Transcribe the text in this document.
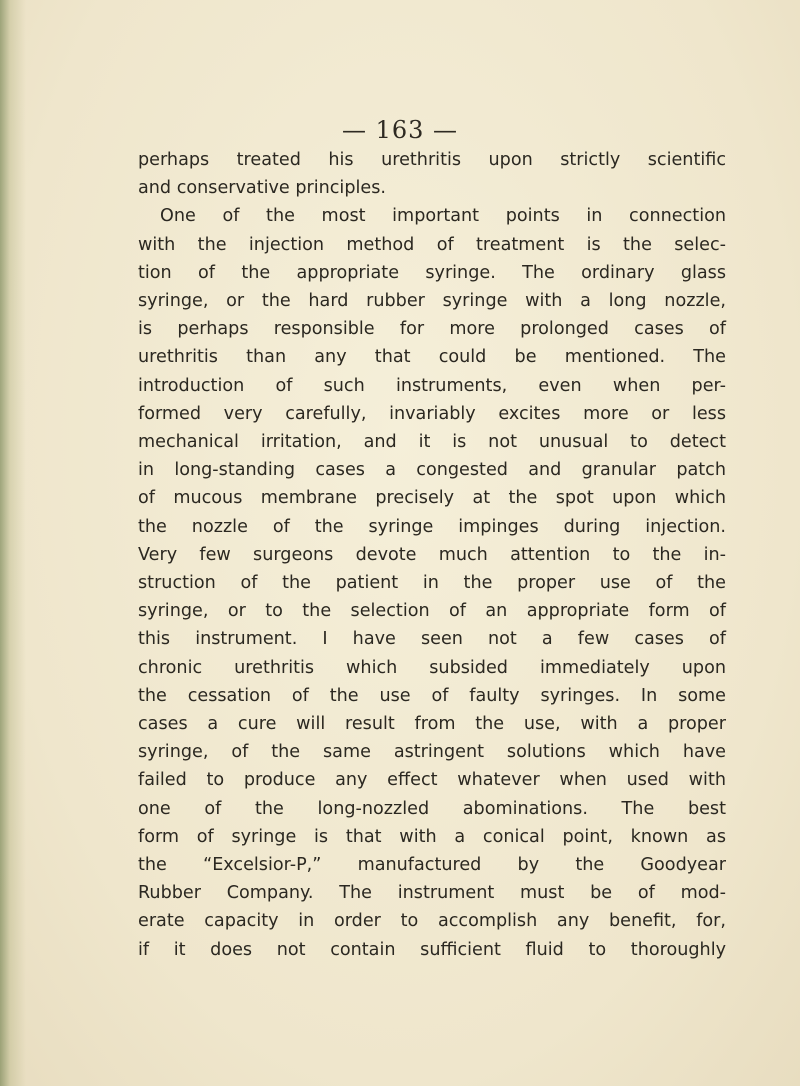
— 163 —
perhaps treated his urethritis upon strictly scientific
and conservative principles.
One of the most important points in connection
with the injection method of treatment is the selec-
tion of the appropriate syringe. The ordinary glass
syringe, or the hard rubber syringe with a long nozzle,
is perhaps responsible for more prolonged cases of
urethritis than any that could be mentioned. The
introduction of such instruments, even when per-
formed very carefully, invariably excites more or less
mechanical irritation, and it is not unusual to detect
in long-standing cases a congested and granular patch
of mucous membrane precisely at the spot upon which
the nozzle of the syringe impinges during injection.
Very few surgeons devote much attention to the in-
struction of the patient in the proper use of the
syringe, or to the selection of an appropriate form of
this instrument. I have seen not a few cases of
chronic urethritis which subsided immediately upon
the cessation of the use of faulty syringes. In some
cases a cure will result from the use, with a proper
syringe, of the same astringent solutions which have
failed to produce any effect whatever when used with
one of the long-nozzled abominations. The best
form of syringe is that with a conical point, known as
the “Excelsior-P,” manufactured by the Goodyear
Rubber Company. The instrument must be of mod-
erate capacity in order to accomplish any benefit, for,
if it does not contain sufficient fluid to thoroughly
